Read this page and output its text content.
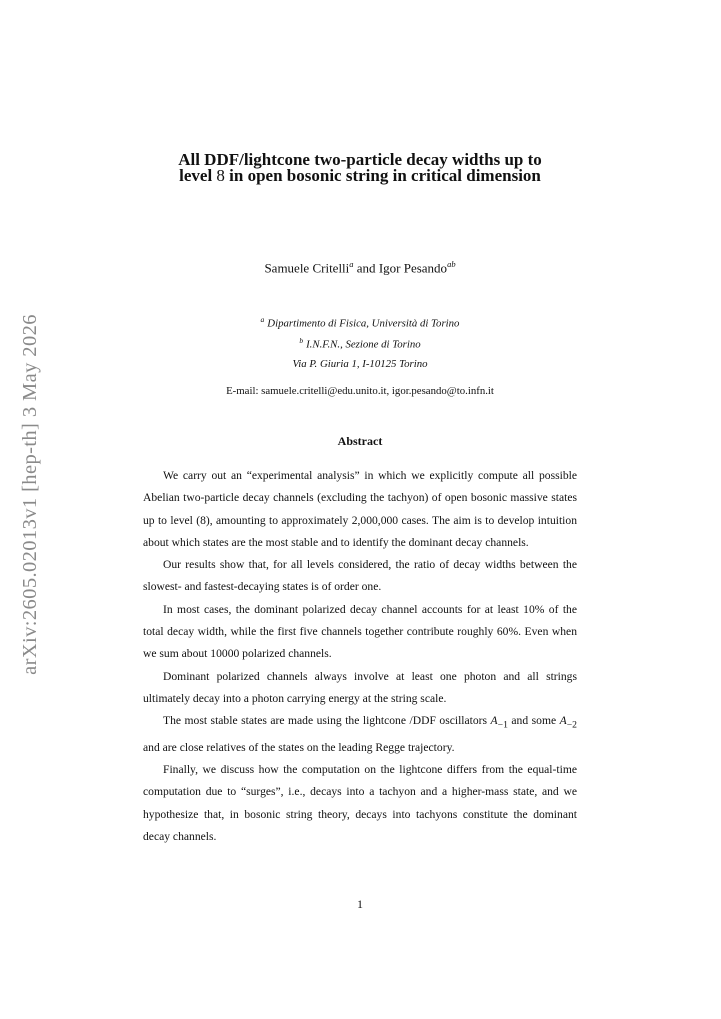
arXiv:2605.02013v1 [hep-th] 3 May 2026
All DDF/lightcone two-particle decay widths up to
level 8 in open bosonic string in critical dimension
Samuele Critelli$^a$ and Igor Pesando$^{ab}$
$^a$ Dipartimento di Fisica, Università di Torino
$^b$ I.N.F.N., Sezione di Torino
Via P. Giuria 1, I-10125 Torino
E-mail: samuele.critelli@edu.unito.it, igor.pesando@to.infn.it
Abstract

We carry out an “experimental analysis” in which we explicitly compute all possible Abelian two-particle decay channels (excluding the tachyon) of open bosonic massive states up to level (8), amounting to approximately 2,000,000 cases. The aim is to develop intuition about which states are the most stable and to identify the dominant decay channels.

Our results show that, for all levels considered, the ratio of decay widths between the slowest- and fastest-decaying states is of order one.

In most cases, the dominant polarized decay channel accounts for at least 10% of the total decay width, while the first five channels together contribute roughly 60%. Even when we sum about 10000 polarized channels.

Dominant polarized channels always involve at least one photon and all strings ultimately decay into a photon carrying energy at the string scale.

The most stable states are made using the lightcone /DDF oscillators $A_{-1}$ and some $A_{-2}$ and are close relatives of the states on the leading Regge trajectory.

Finally, we discuss how the computation on the lightcone differs from the equal-time computation due to “surges”, i.e., decays into a tachyon and a higher-mass state, and we hypothesize that, in bosonic string theory, decays into tachyons constitute the dominant decay channels.

1
